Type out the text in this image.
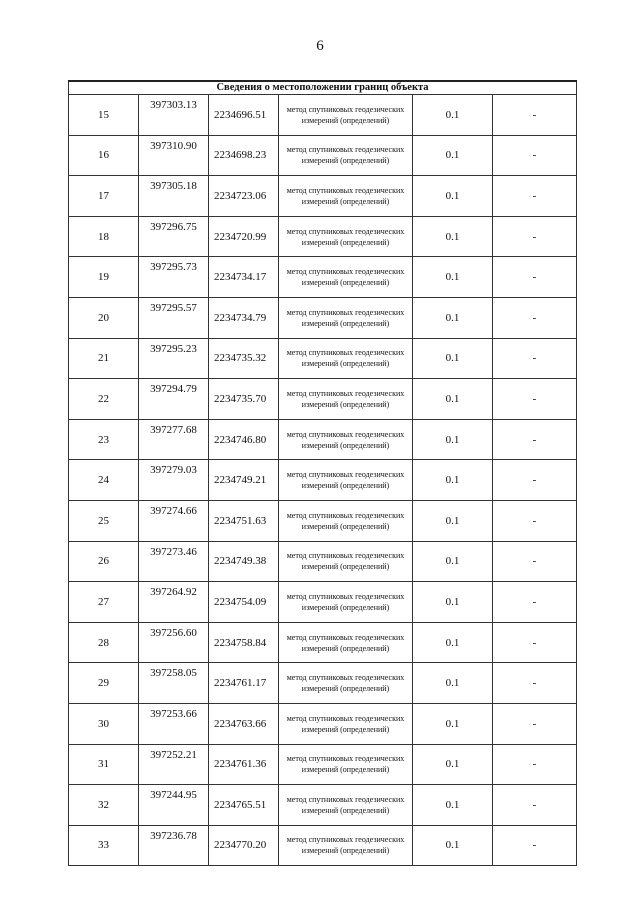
6
Сведения о местоположении границ объекта					
15	397303.13	2234696.51	метод спутниковых геодезических измерений (определений)	0.1	-
16	397310.90	2234698.23	метод спутниковых геодезических измерений (определений)	0.1	-
17	397305.18	2234723.06	метод спутниковых геодезических измерений (определений)	0.1	-
18	397296.75	2234720.99	метод спутниковых геодезических измерений (определений)	0.1	-
19	397295.73	2234734.17	метод спутниковых геодезических измерений (определений)	0.1	-
20	397295.57	2234734.79	метод спутниковых геодезических измерений (определений)	0.1	-
21	397295.23	2234735.32	метод спутниковых геодезических измерений (определений)	0.1	-
22	397294.79	2234735.70	метод спутниковых геодезических измерений (определений)	0.1	-
23	397277.68	2234746.80	метод спутниковых геодезических измерений (определений)	0.1	-
24	397279.03	2234749.21	метод спутниковых геодезических измерений (определений)	0.1	-
25	397274.66	2234751.63	метод спутниковых геодезических измерений (определений)	0.1	-
26	397273.46	2234749.38	метод спутниковых геодезических измерений (определений)	0.1	-
27	397264.92	2234754.09	метод спутниковых геодезических измерений (определений)	0.1	-
28	397256.60	2234758.84	метод спутниковых геодезических измерений (определений)	0.1	-
29	397258.05	2234761.17	метод спутниковых геодезических измерений (определений)	0.1	-
30	397253.66	2234763.66	метод спутниковых геодезических измерений (определений)	0.1	-
31	397252.21	2234761.36	метод спутниковых геодезических измерений (определений)	0.1	-
32	397244.95	2234765.51	метод спутниковых геодезических измерений (определений)	0.1	-
33	397236.78	2234770.20	метод спутниковых геодезических измерений (определений)	0.1	-
